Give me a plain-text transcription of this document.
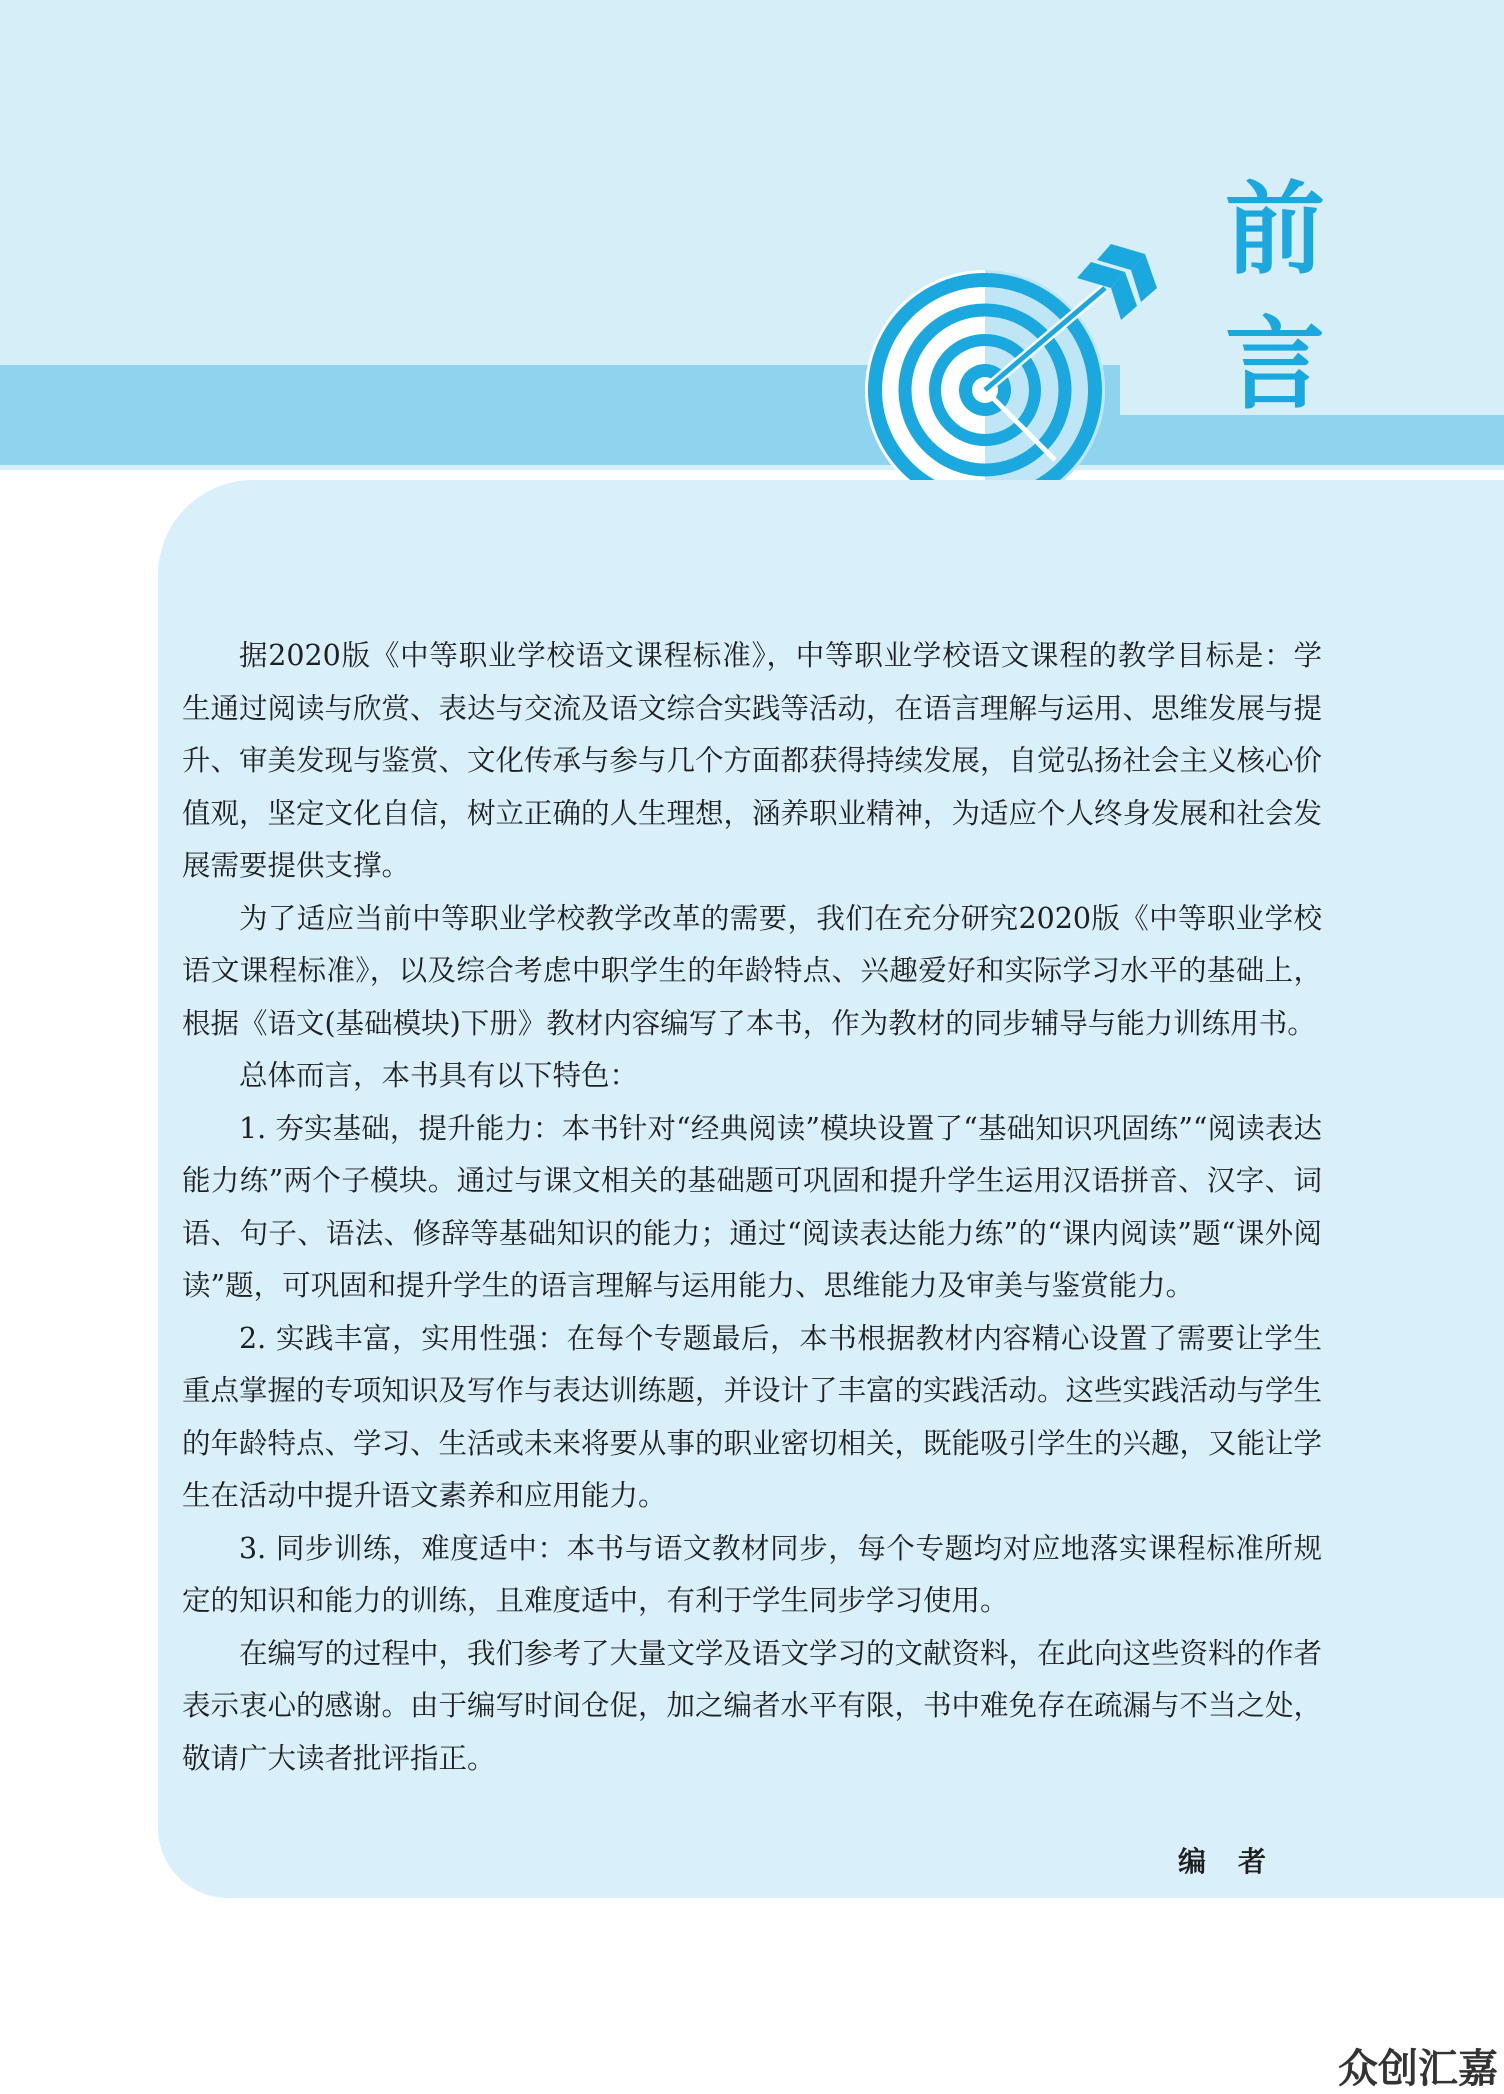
前
言

据2020版《中等职业学校语文课程标准》，中等职业学校语文课程的教学目标是：学生通过阅读与欣赏、表达与交流及语文综合实践等活动，在语言理解与运用、思维发展与提升、审美发现与鉴赏、文化传承与参与几个方面都获得持续发展，自觉弘扬社会主义核心价值观，坚定文化自信，树立正确的人生理想，涵养职业精神，为适应个人终身发展和社会发展需要提供支撑。

为了适应当前中等职业学校教学改革的需要，我们在充分研究2020版《中等职业学校语文课程标准》，以及综合考虑中职学生的年龄特点、兴趣爱好和实际学习水平的基础上，根据《语文(基础模块)下册》教材内容编写了本书，作为教材的同步辅导与能力训练用书。

总体而言，本书具有以下特色：

1. 夯实基础，提升能力：本书针对“经典阅读”模块设置了“基础知识巩固练”“阅读表达能力练”两个子模块。通过与课文相关的基础题可巩固和提升学生运用汉语拼音、汉字、词语、句子、语法、修辞等基础知识的能力；通过“阅读表达能力练”的“课内阅读”题“课外阅读”题，可巩固和提升学生的语言理解与运用能力、思维能力及审美与鉴赏能力。

2. 实践丰富，实用性强：在每个专题最后，本书根据教材内容精心设置了需要让学生重点掌握的专项知识及写作与表达训练题，并设计了丰富的实践活动。这些实践活动与学生的年龄特点、学习、生活或未来将要从事的职业密切相关，既能吸引学生的兴趣，又能让学生在活动中提升语文素养和应用能力。

3. 同步训练，难度适中：本书与语文教材同步，每个专题均对应地落实课程标准所规定的知识和能力的训练，且难度适中，有利于学生同步学习使用。

在编写的过程中，我们参考了大量文学及语文学习的文献资料，在此向这些资料的作者表示衷心的感谢。由于编写时间仓促，加之编者水平有限，书中难免存在疏漏与不当之处，敬请广大读者批评指正。

编者
众创汇嘉
